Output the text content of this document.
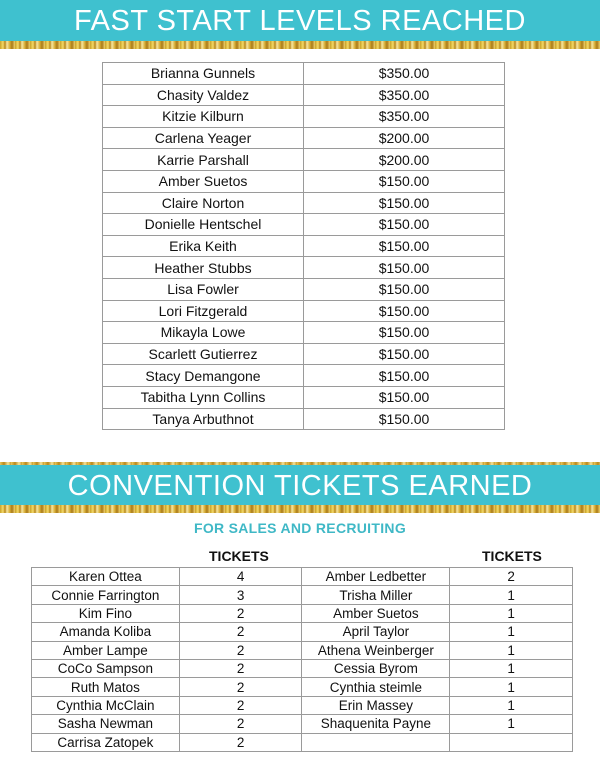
FAST START LEVELS REACHED
Brianna Gunnels	$350.00
Chasity Valdez	$350.00
Kitzie Kilburn	$350.00
Carlena Yeager	$200.00
Karrie Parshall	$200.00
Amber Suetos	$150.00
Claire Norton	$150.00
Donielle Hentschel	$150.00
Erika Keith	$150.00
Heather Stubbs	$150.00
Lisa Fowler	$150.00
Lori Fitzgerald	$150.00
Mikayla Lowe	$150.00
Scarlett Gutierrez	$150.00
Stacy Demangone	$150.00
Tabitha Lynn Collins	$150.00
Tanya Arbuthnot	$150.00
CONVENTION TICKETS EARNED
FOR SALES AND RECRUITING
TICKETS	TICKETS
Karen Ottea	4	Amber Ledbetter	2
Connie Farrington	3	Trisha Miller	1
Kim Fino	2	Amber Suetos	1
Amanda Koliba	2	April Taylor	1
Amber Lampe	2	Athena Weinberger	1
CoCo Sampson	2	Cessia Byrom	1
Ruth Matos	2	Cynthia steimle	1
Cynthia McClain	2	Erin Massey	1
Sasha Newman	2	Shaquenita Payne	1
Carrisa Zatopek	2		
